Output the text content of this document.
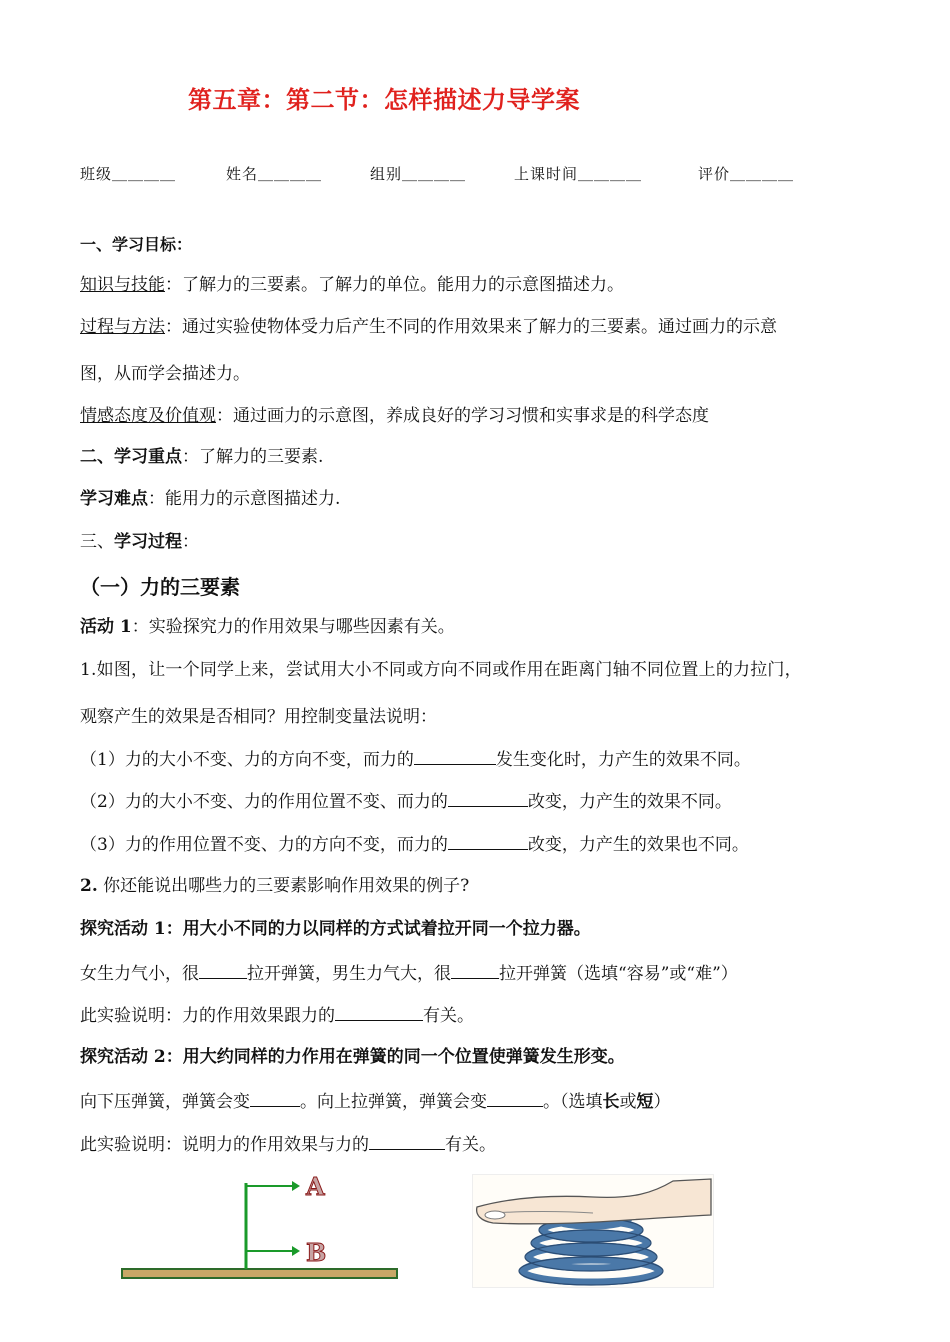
第五章：第二节：怎样描述力导学案
班级＿＿＿＿	姓名＿＿＿＿	组别＿＿＿＿	上课时间＿＿＿＿	评价＿＿＿＿
一、学习目标：
知识与技能：了解力的三要素。了解力的单位。能用力的示意图描述力。
过程与方法：通过实验使物体受力后产生不同的作用效果来了解力的三要素。通过画力的示意
图，从而学会描述力。
情感态度及价值观：通过画力的示意图，养成良好的学习习惯和实事求是的科学态度
二、学习重点：了解力的三要素.
学习难点：能用力的示意图描述力.
三、学习过程：
（一）力的三要素
活动 1：实验探究力的作用效果与哪些因素有关。
1.如图，让一个同学上来，尝试用大小不同或方向不同或作用在距离门轴不同位置上的力拉门，
观察产生的效果是否相同？用控制变量法说明：
（1）力的大小不变、力的方向不变，而力的	发生变化时，力产生的效果不同。
（2）力的大小不变、力的作用位置不变、而力的	改变，力产生的效果不同。
（3）力的作用位置不变、力的方向不变，而力的	改变，力产生的效果也不同。
2. 你还能说出哪些力的三要素影响作用效果的例子?
探究活动 1：用大小不同的力以同样的方式试着拉开同一个拉力器。
女生力气小，很	拉开弹簧，男生力气大，很	拉开弹簧（选填“容易”或“难”）
此实验说明：力的作用效果跟力的	有关。
探究活动 2：用大约同样的力作用在弹簧的同一个位置使弹簧发生形变。
向下压弹簧，弹簧会变	。向上拉弹簧，弹簧会变	。（选填长或短）
此实验说明：说明力的作用效果与力的	有关。
A
B
